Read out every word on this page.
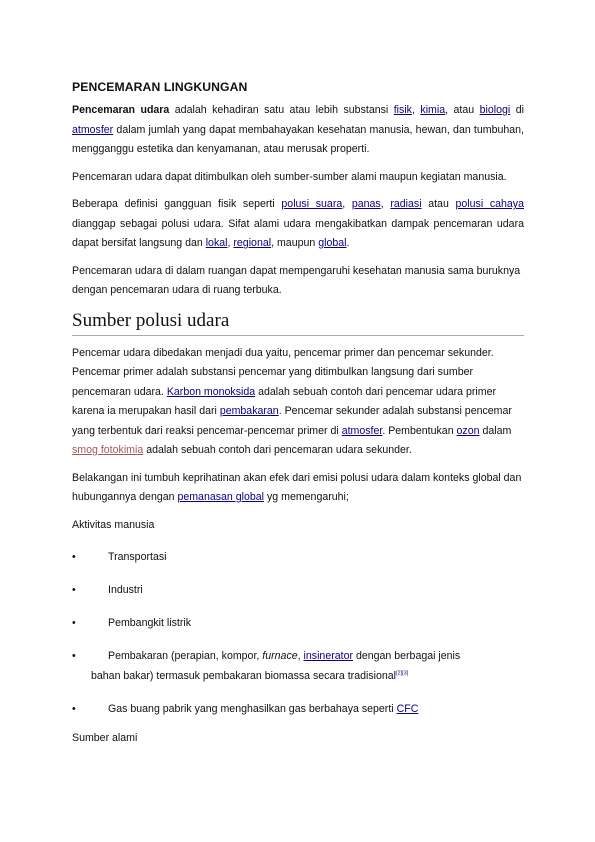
PENCEMARAN LINGKUNGAN

Pencemaran udara adalah kehadiran satu atau lebih substansi fisik, kimia, atau biologi di atmosfer dalam jumlah yang dapat membahayakan kesehatan manusia, hewan, dan tumbuhan, mengganggu estetika dan kenyamanan, atau merusak properti.

Pencemaran udara dapat ditimbulkan oleh sumber-sumber alami maupun kegiatan manusia.

Beberapa definisi gangguan fisik seperti polusi suara, panas, radiasi atau polusi cahaya dianggap sebagai polusi udara. Sifat alami udara mengakibatkan dampak pencemaran udara dapat bersifat langsung dan lokal, regional, maupun global.

Pencemaran udara di dalam ruangan dapat mempengaruhi kesehatan manusia sama buruknya dengan pencemaran udara di ruang terbuka.

Sumber polusi udara

Pencemar udara dibedakan menjadi dua yaitu, pencemar primer dan pencemar sekunder. Pencemar primer adalah substansi pencemar yang ditimbulkan langsung dari sumber pencemaran udara. Karbon monoksida adalah sebuah contoh dari pencemar udara primer karena ia merupakan hasil dari pembakaran. Pencemar sekunder adalah substansi pencemar yang terbentuk dari reaksi pencemar-pencemar primer di atmosfer. Pembentukan ozon dalam smog fotokimia adalah sebuah contoh dari pencemaran udara sekunder.

Belakangan ini tumbuh keprihatinan akan efek dari emisi polusi udara dalam konteks global dan hubungannya dengan pemanasan global yg memengaruhi;

Aktivitas manusia

•	Transportasi
•	Industri
•	Pembangkit listrik
•	Pembakaran (perapian, kompor, furnace, insinerator dengan berbagai jenis
bahan bakar) termasuk pembakaran biomassa secara tradisional[2][3]
•	Gas buang pabrik yang menghasilkan gas berbahaya seperti CFC

Sumber alami
